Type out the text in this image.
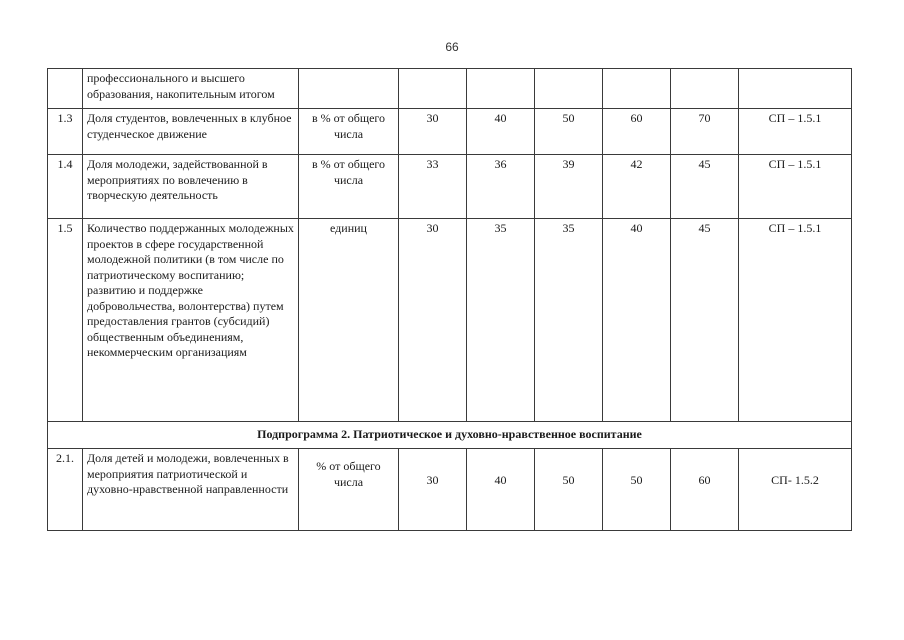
66
	профессионального и высшего образования, накопительным итогом							
1.3	Доля студентов, вовлеченных в клубное студенческое движение	в % от общего числа	30	40	50	60	70	СП – 1.5.1
1.4	Доля молодежи, задействованной в мероприятиях по вовлечению в творческую деятельность	в % от общего числа	33	36	39	42	45	СП – 1.5.1
1.5	Количество поддержанных молодежных проектов в сфере государственной молодежной политики (в том числе по патриотическому воспитанию; развитию и поддержке добровольчества, волонтерства) путем предоставления грантов (субсидий) общественным объединениям, некоммерческим организациям	единиц	30	35	35	40	45	СП – 1.5.1
Подпрограмма 2. Патриотическое и духовно-нравственное воспитание								
2.1.	Доля детей и молодежи, вовлеченных в мероприятия патриотической и духовно-нравственной направленности	% от общего числа	30	40	50	50	60	СП- 1.5.2
